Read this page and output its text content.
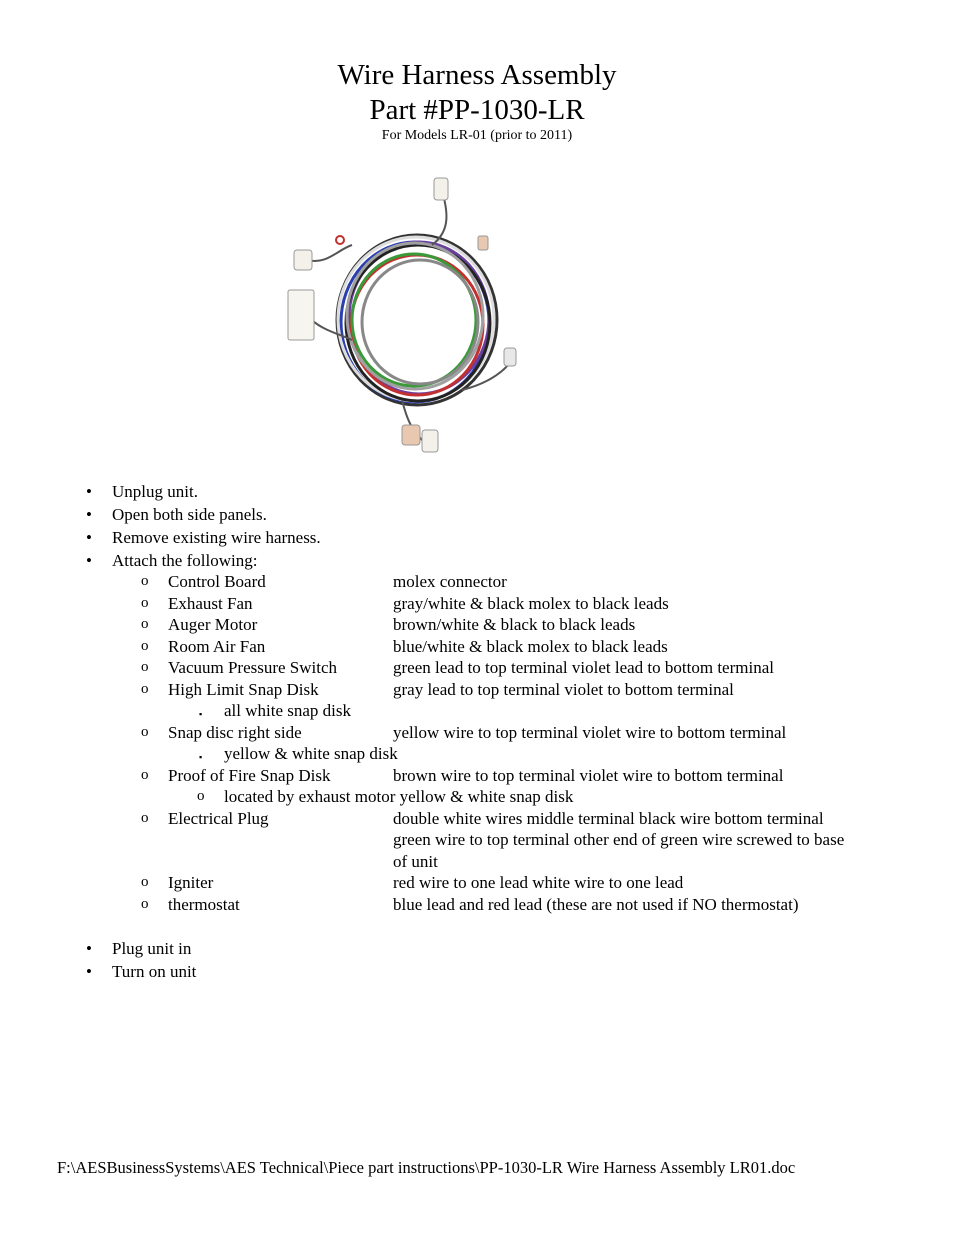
Wire Harness Assembly
Part #PP-1030-LR
For Models LR-01 (prior to 2011)
• Unplug unit.
• Open both side panels.
• Remove existing wire harness.
• Attach the following:
o Control Board	molex connector
o Exhaust Fan	gray/white & black molex to black leads
o Auger Motor	brown/white & black to black leads
o Room Air Fan	blue/white & black molex to black leads
o Vacuum Pressure Switch	green lead to top terminal violet lead to bottom terminal
o High Limit Snap Disk	gray lead to top terminal violet to bottom terminal
▪ all white snap disk
o Snap disc right side	yellow wire to top terminal violet wire to bottom terminal
▪ yellow & white snap disk
o Proof of Fire Snap Disk	brown wire to top terminal violet wire to bottom terminal
o located by exhaust motor yellow & white snap disk
o Electrical Plug	double white wires middle terminal black wire bottom terminal
green wire to top terminal other end of green wire screwed to base
of unit
o Igniter	red wire to one lead white wire to one lead
o thermostat	blue lead and red lead (these are not used if NO thermostat)
• Plug unit in
• Turn on unit
F:\AESBusinessSystems\AES Technical\Piece part instructions\PP-1030-LR Wire Harness Assembly LR01.doc
